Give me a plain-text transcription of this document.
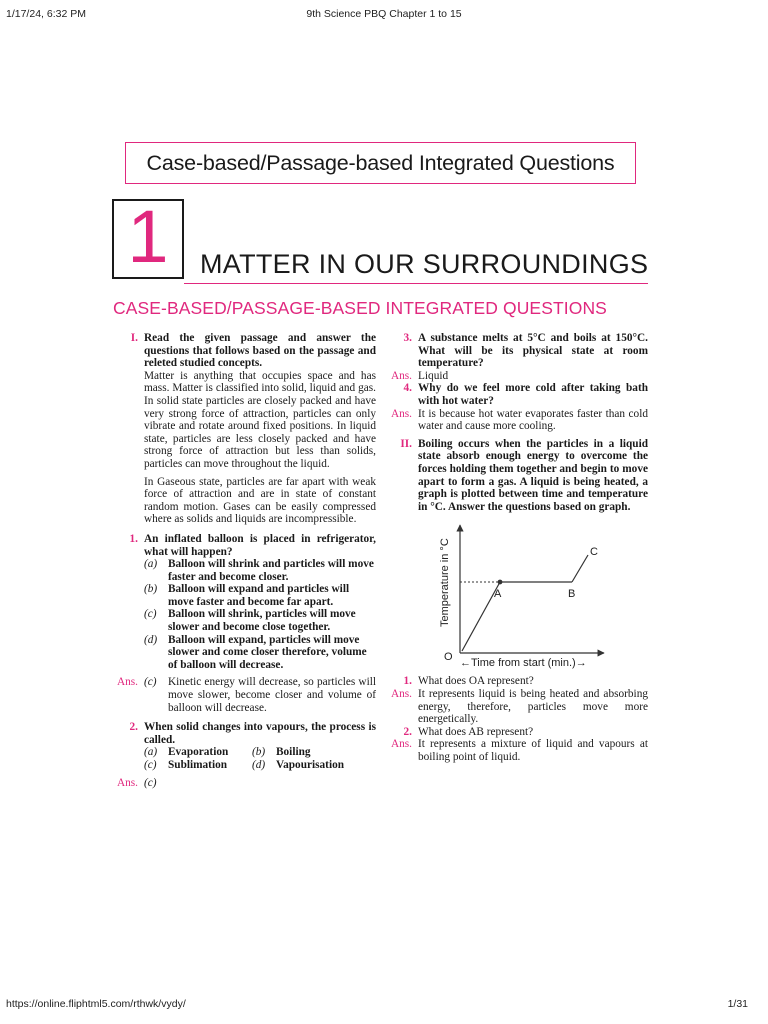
1/17/24, 6:32 PM	9th Science PBQ Chapter 1 to 15
Case-based/Passage-based Integrated Questions
1	MATTER IN OUR SURROUNDINGS
CASE-BASED/PASSAGE-BASED INTEGRATED QUESTIONS
I. Read the given passage and answer the questions that follows based on the passage and releted studied concepts.
Matter is anything that occupies space and has mass. Matter is classified into solid, liquid and gas. In solid state particles are closely packed and have very strong force of attraction, particles can only vibrate and rotate around fixed positions. In liquid state, particles are less closely packed and have strong force of attraction but less than solids, particles can move throughout the liquid.
In Gaseous state, particles are far apart with weak force of attraction and are in state of constant random motion. Gases can be easily compressed where as solids and liquids are incompressible.
1. An inflated balloon is placed in refrigerator, what will happen?
(a) Balloon will shrink and particles will move faster and become closer.
(b) Balloon will expand and particles will move faster and become far apart.
(c)	Balloon will shrink, particles will move slower and become close together.
(d) Balloon will expand, particles will move slower and come closer therefore, volume of balloon will decrease.
Ans. (c)	Kinetic energy will decrease, so particles will move slower, become closer and volume of balloon will decrease.
2. When solid changes into vapours, the process is called.
(a) Evaporation (b) Boiling
(c)	Sublimation (d) Vapourisation
Ans. (c)
3. A substance melts at 5°C and boils at 150°C. What will be its physical state at room temperature?
Ans. Liquid
4. Why do we feel more cold after taking bath with hot water?
Ans. It is because hot water evaporates faster than cold water and cause more cooling.
II. Boiling occurs when the particles in a liquid state absorb enough energy to overcome the forces holding them together and begin to move apart to form a gas. A liquid is being heated, a graph is plotted between time and temperature in °C. Answer the questions based on graph.
O
A	B
C
Temperature in °C
←Time from start (min.)→
1. What does OA represent?
Ans. It represents liquid is being heated and absorbing energy, therefore, particles move more energetically.
2. What does AB represent?
Ans. It represents a mixture of liquid and vapours at boiling point of liquid.
https://online.fliphtml5.com/rthwk/vydy/	1/31
